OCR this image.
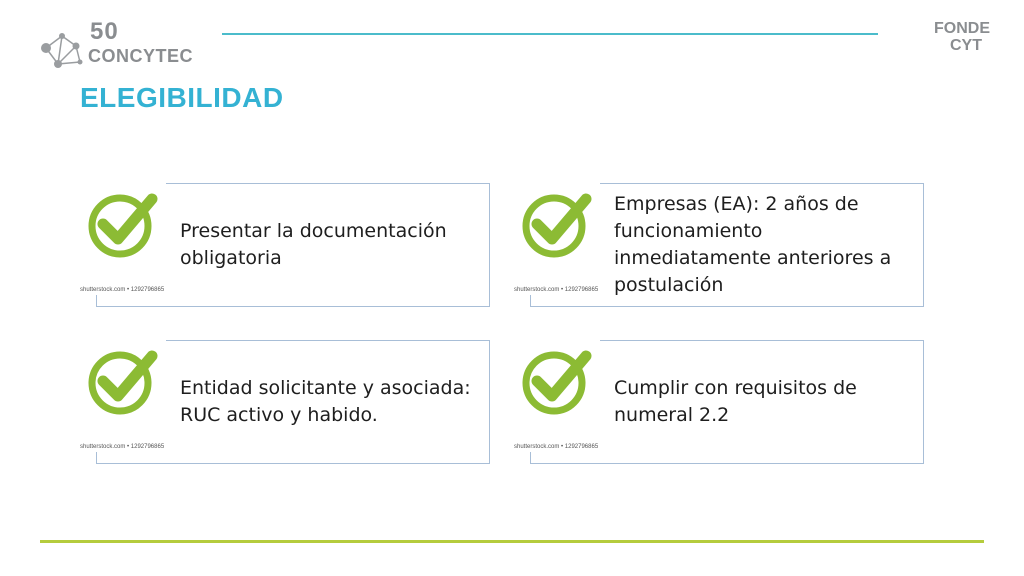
50
CONCYTEC
FONDE

CYT
ELEGIBILIDAD
shutterstock.com • 1292796865
Presentar la documentación obligatoria
shutterstock.com • 1292796865
Empresas (EA): 2 años de funcionamiento inmediatamente anteriores a postulación
shutterstock.com • 1292796865
Entidad solicitante y asociada: RUC activo y habido.
shutterstock.com • 1292796865
Cumplir con requisitos de numeral 2.2
